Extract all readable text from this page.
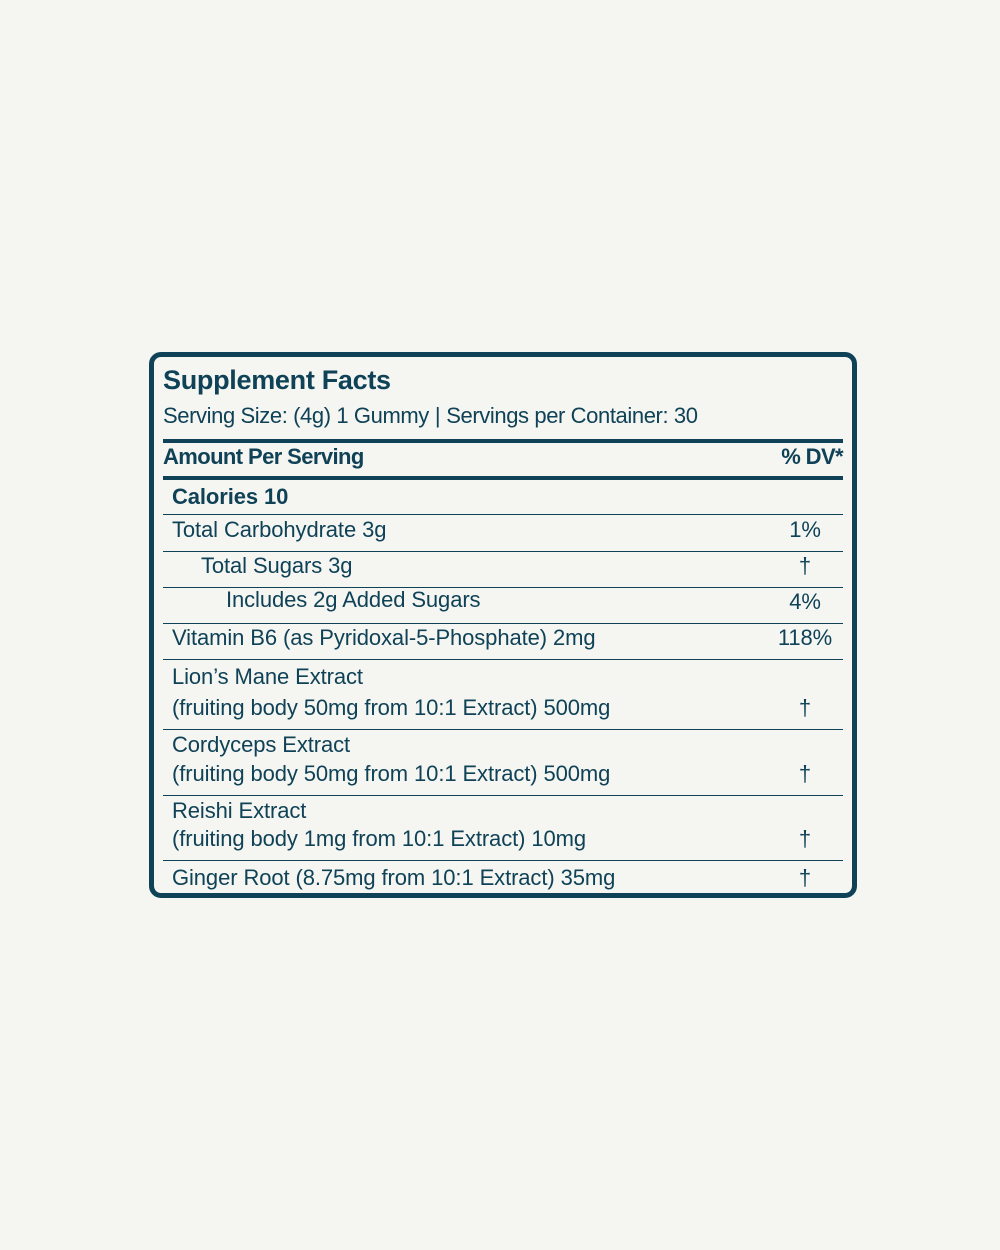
Supplement Facts
Serving Size: (4g) 1 Gummy | Servings per Container: 30
Amount Per Serving	% DV*
Calories 10
Total Carbohydrate 3g	1%
Total Sugars 3g	†
Includes 2g Added Sugars	4%
Vitamin B6 (as Pyridoxal-5-Phosphate) 2mg	118%
Lion’s Mane Extract
(fruiting body 50mg from 10:1 Extract) 500mg	†
Cordyceps Extract
(fruiting body 50mg from 10:1 Extract) 500mg	†
Reishi Extract
(fruiting body 1mg from 10:1 Extract) 10mg	†
Ginger Root (8.75mg from 10:1 Extract) 35mg	†
